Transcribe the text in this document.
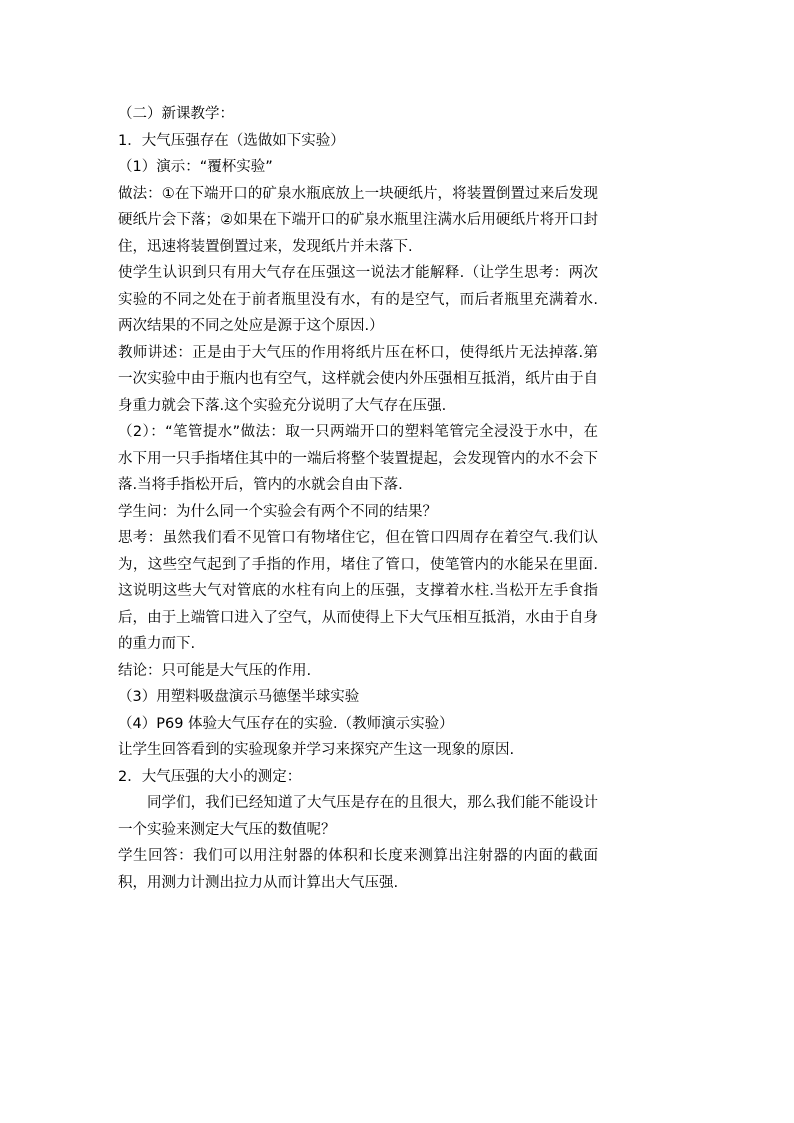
（二）新课教学：

1．大气压强存在（选做如下实验）

（1）演示：“覆杯实验”

做法：①在下端开口的矿泉水瓶底放上一块硬纸片，将装置倒置过来后发现硬纸片会下落；②如果在下端开口的矿泉水瓶里注满水后用硬纸片将开口封住，迅速将装置倒置过来，发现纸片并未落下.

使学生认识到只有用大气存在压强这一说法才能解释.（让学生思考：两次实验的不同之处在于前者瓶里没有水，有的是空气，而后者瓶里充满着水.两次结果的不同之处应是源于这个原因.）

教师讲述：正是由于大气压的作用将纸片压在杯口，使得纸片无法掉落.第一次实验中由于瓶内也有空气，这样就会使内外压强相互抵消，纸片由于自身重力就会下落.这个实验充分说明了大气存在压强.

（2）：“笔管提水”做法：取一只两端开口的塑料笔管完全浸没于水中，在水下用一只手指堵住其中的一端后将整个装置提起，会发现管内的水不会下落.当将手指松开后，管内的水就会自由下落.

学生问：为什么同一个实验会有两个不同的结果？

思考：虽然我们看不见管口有物堵住它，但在管口四周存在着空气.我们认为，这些空气起到了手指的作用，堵住了管口，使笔管内的水能呆在里面.这说明这些大气对管底的水柱有向上的压强，支撑着水柱.当松开左手食指后，由于上端管口进入了空气，从而使得上下大气压相互抵消，水由于自身的重力而下.

结论：只可能是大气压的作用.

（3）用塑料吸盘演示马德堡半球实验

（4）P69 体验大气压存在的实验.（教师演示实验）

让学生回答看到的实验现象并学习来探究产生这一现象的原因.

2．大气压强的大小的测定：

同学们，我们已经知道了大气压是存在的且很大，那么我们能不能设计一个实验来测定大气压的数值呢？

学生回答：我们可以用注射器的体积和长度来测算出注射器的内面的截面积，用测力计测出拉力从而计算出大气压强.
